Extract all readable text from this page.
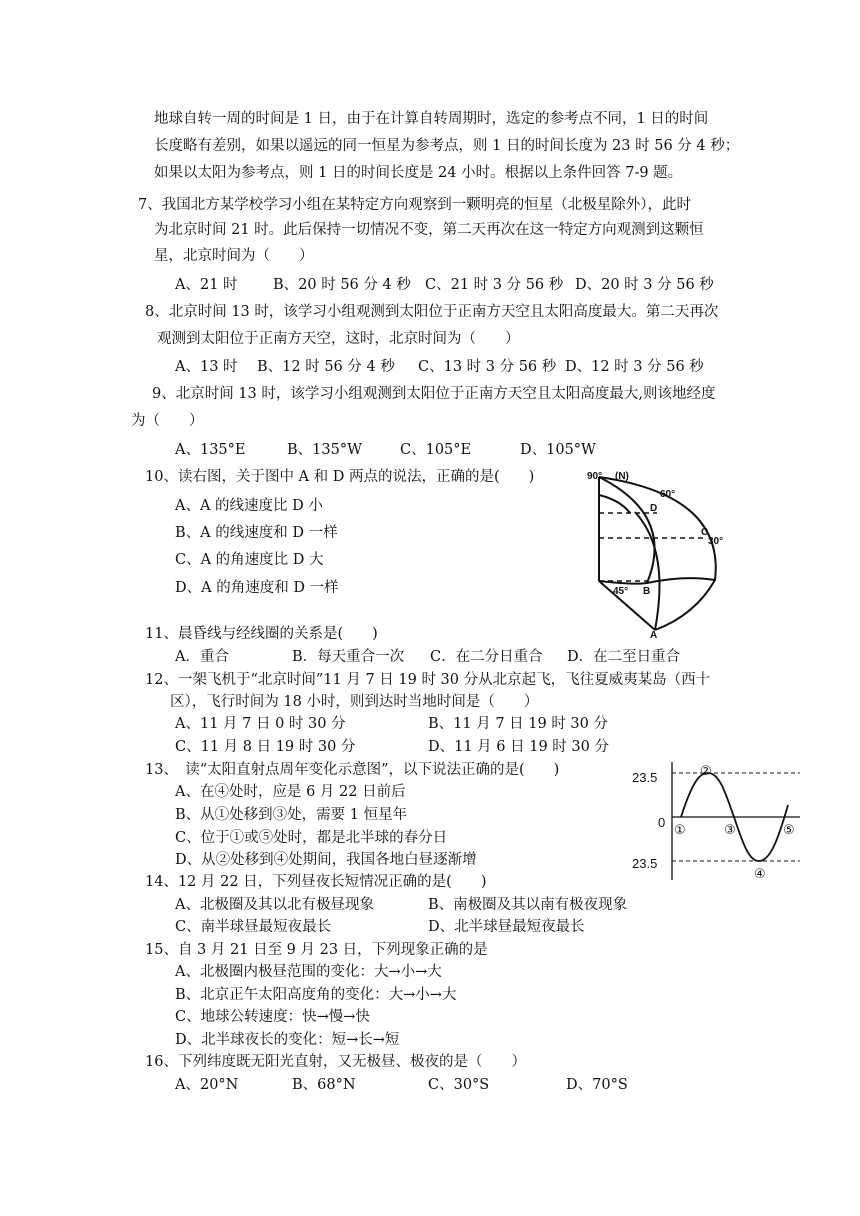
地球自转一周的时间是 1 日，由于在计算自转周期时，选定的参考点不同，1 日的时间
长度略有差别，如果以遥远的同一恒星为参考点，则 1 日的时间长度为 23 时 56 分 4 秒；
如果以太阳为参考点，则 1 日的时间长度是 24 小时。根据以上条件回答 7-9 题。
7、我国北方某学校学习小组在某特定方向观察到一颗明亮的恒星（北极星除外），此时
为北京时间 21 时。此后保持一切情况不变，第二天再次在这一特定方向观测到这颗恒
星，北京时间为（　　）
A、21 时 B、20 时 56 分 4 秒 C、21 时 3 分 56 秒 D、20 时 3 分 56 秒
8、北京时间 13 时，该学习小组观测到太阳位于正南方天空且太阳高度最大。第二天再次
观测到太阳位于正南方天空，这时，北京时间为（　　）
A、13 时 B、12 时 56 分 4 秒 C、13 时 3 分 56 秒 D、12 时 3 分 56 秒
9、北京时间 13 时，该学习小组观测到太阳位于正南方天空且太阳高度最大,则该地经度
为（　　）
A、135°E	B、135°W	C、105°E	D、105°W
10、读右图，关于图中 A 和 D 两点的说法，正确的是(　　)
A、A 的线速度比 D 小
B、A 的线速度和 D 一样
C、A 的角速度比 D 大
D、A 的角速度和 D 一样
90° (N)
60°
30°
45°
A
B
C
D
11、晨昏线与经线圈的关系是(　　)
A．重合	B．每天重合一次 C．在二分日重合 D．在二至日重合
12、一架飞机于“北京时间”11 月 7 日 19 时 30 分从北京起飞，飞往夏威夷某岛（西十
区），飞行时间为 18 小时，则到达时当地时间是（　　）
A、11 月 7 日 0 时 30 分	B、11 月 7 日 19 时 30 分
C、11 月 8 日 19 时 30 分	D、11 月 6 日 19 时 30 分
13、　读“太阳直射点周年变化示意图”，以下说法正确的是(　　)
A、在④处时，应是 6 月 22 日前后
B、从①处移到③处，需要 1 恒星年
C、位于①或⑤处时，都是北半球的春分日
D、从②处移到④处期间，我国各地白昼逐渐增
23.5
0
23.5
①
②
③
④
⑤
14、12 月 22 日，下列昼夜长短情况正确的是(　　)
A、北极圈及其以北有极昼现象	B、南极圈及其以南有极夜现象
C、南半球昼最短夜最长	D、北半球昼最短夜最长
15、自 3 月 21 日至 9 月 23 日，下列现象正确的是
A、北极圈内极昼范围的变化：大→小→大
B、北京正午太阳高度角的变化：大→小→大
C、地球公转速度：快→慢→快
D、北半球夜长的变化：短→长→短
16、下列纬度既无阳光直射，又无极昼、极夜的是（　　）
A、20°N	B、68°N	C、30°S	D、70°S
